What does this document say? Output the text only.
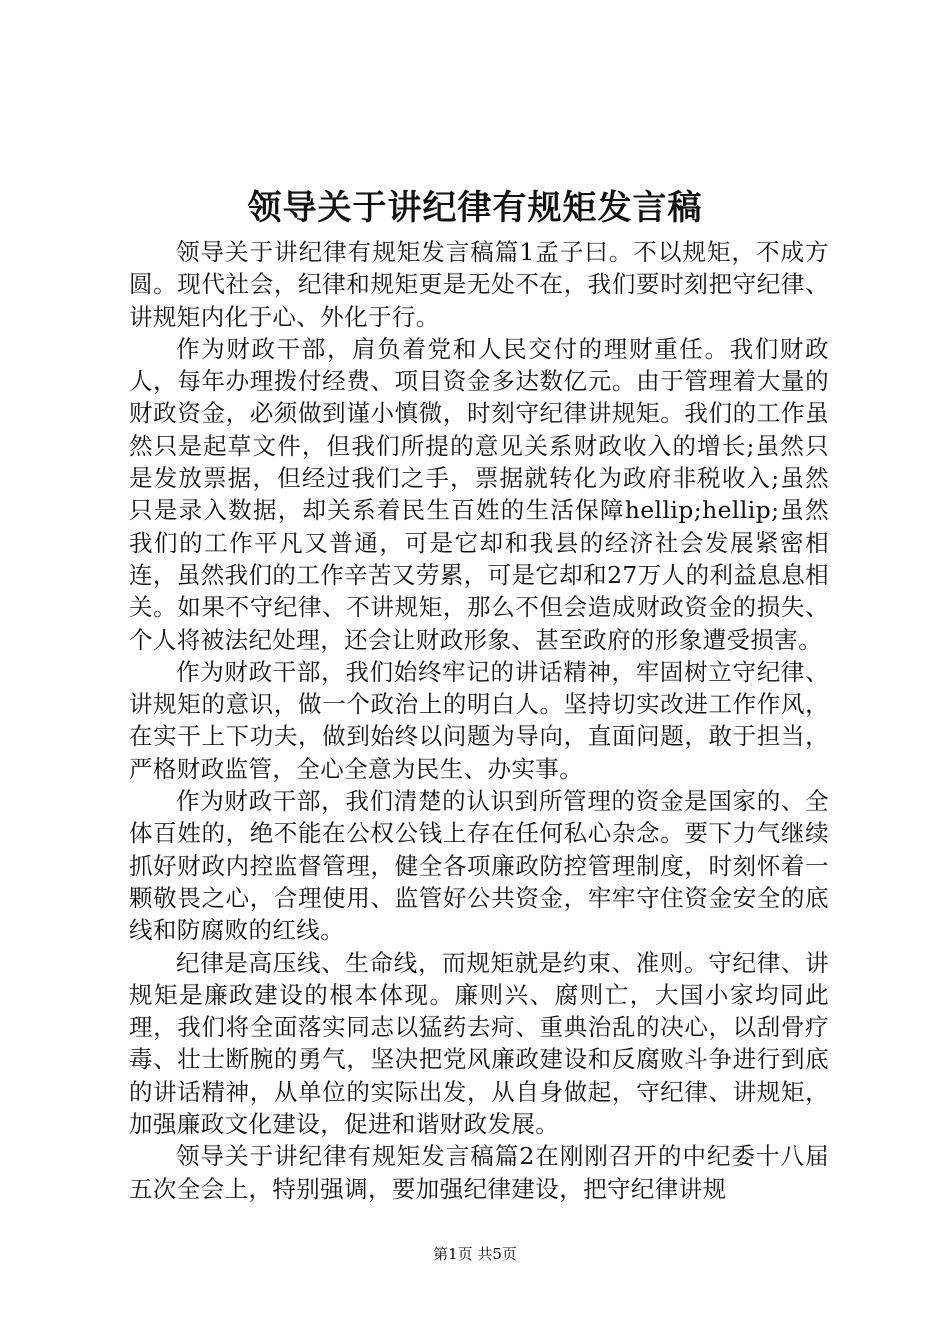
领导关于讲纪律有规矩发言稿

领导关于讲纪律有规矩发言稿篇1孟子曰。不以规矩，不成方圆。现代社会，纪律和规矩更是无处不在，我们要时刻把守纪律、讲规矩内化于心、外化于行。

作为财政干部，肩负着党和人民交付的理财重任。我们财政人，每年办理拨付经费、项目资金多达数亿元。由于管理着大量的财政资金，必须做到谨小慎微，时刻守纪律讲规矩。我们的工作虽然只是起草文件，但我们所提的意见关系财政收入的增长;虽然只是发放票据，但经过我们之手，票据就转化为政府非税收入;虽然只是录入数据，却关系着民生百姓的生活保障hellip;hellip;虽然我们的工作平凡又普通，可是它却和我县的经济社会发展紧密相连，虽然我们的工作辛苦又劳累，可是它却和27万人的利益息息相关。如果不守纪律、不讲规矩，那么不但会造成财政资金的损失、个人将被法纪处理，还会让财政形象、甚至政府的形象遭受损害。

作为财政干部，我们始终牢记的讲话精神，牢固树立守纪律、讲规矩的意识，做一个政治上的明白人。坚持切实改进工作作风，在实干上下功夫，做到始终以问题为导向，直面问题，敢于担当，严格财政监管，全心全意为民生、办实事。

作为财政干部，我们清楚的认识到所管理的资金是国家的、全体百姓的，绝不能在公权公钱上存在任何私心杂念。要下力气继续抓好财政内控监督管理，健全各项廉政防控管理制度，时刻怀着一颗敬畏之心，合理使用、监管好公共资金，牢牢守住资金安全的底线和防腐败的红线。

纪律是高压线、生命线，而规矩就是约束、准则。守纪律、讲规矩是廉政建设的根本体现。廉则兴、腐则亡，大国小家均同此理，我们将全面落实同志以猛药去疴、重典治乱的决心，以刮骨疗毒、壮士断腕的勇气，坚决把党风廉政建设和反腐败斗争进行到底的讲话精神，从单位的实际出发，从自身做起，守纪律、讲规矩，加强廉政文化建设，促进和谐财政发展。

领导关于讲纪律有规矩发言稿篇2在刚刚召开的中纪委十八届五次全会上，特别强调，要加强纪律建设，把守纪律讲规

第1页 共5页
